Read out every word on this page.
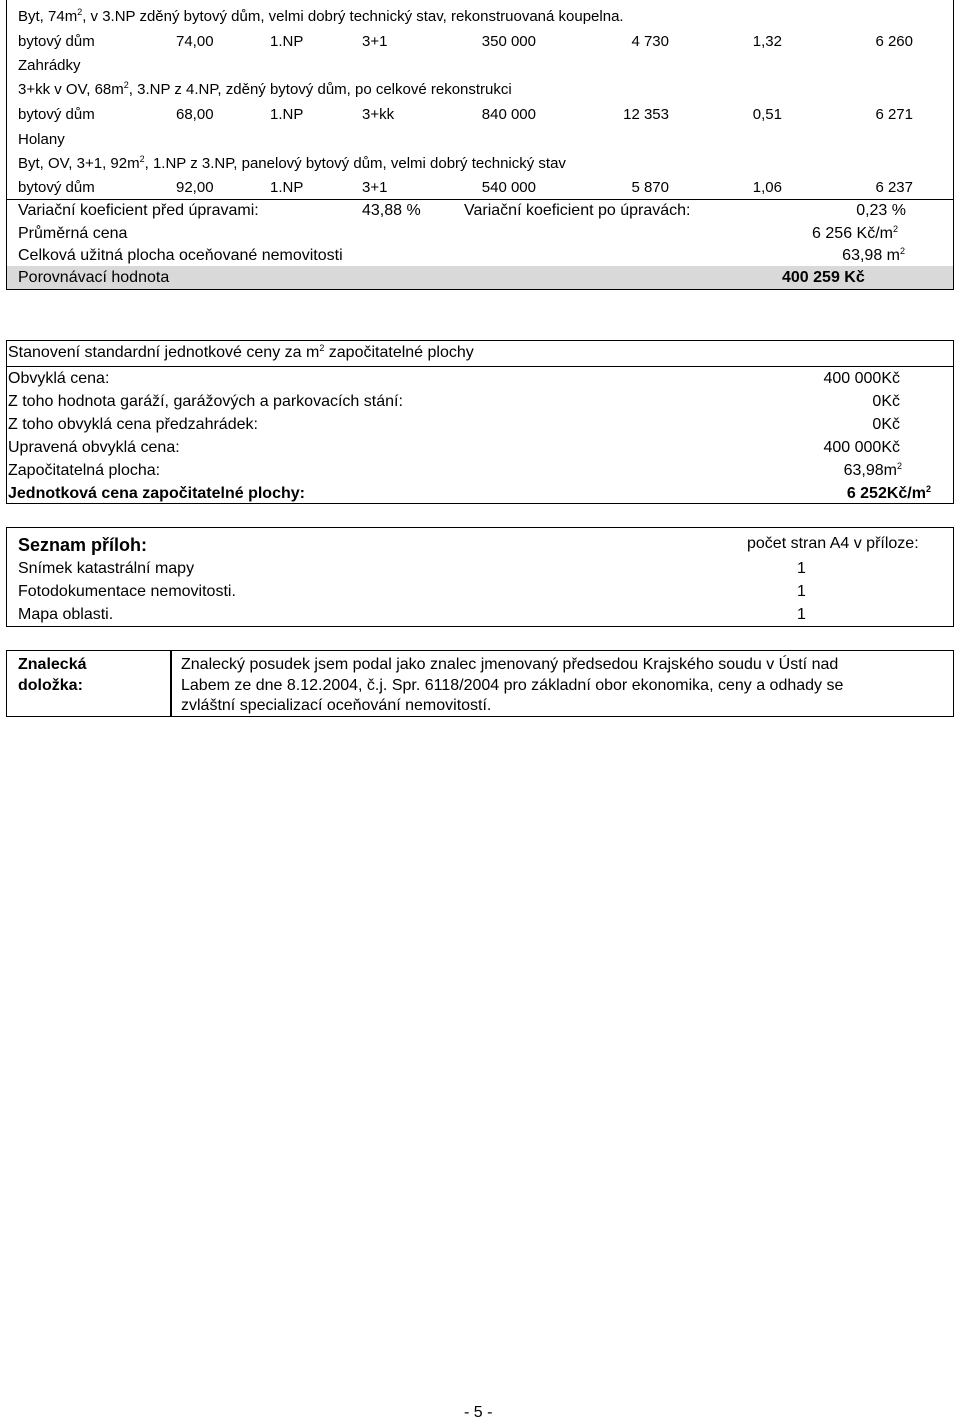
Byt, $74m^2$, v 3.NP zděný bytový dům, velmi dobrý technický stav, rekonstruovaná koupelna.
bytový dům	74,00	1.NP	3+1	350 000	4 730	1,32	6 260
Zahrádky
3+kk v OV, $68m^2$, 3.NP z 4.NP, zděný bytový dům, po celkové rekonstrukci
bytový dům	68,00	1.NP	3+kk	840 000	12 353	0,51	6 271
Holany
Byt, OV, 3+1, $92m^2$, 1.NP z 3.NP, panelový bytový dům, velmi dobrý technický stav
bytový dům	92,00	1.NP	3+1	540 000	5 870	1,06	6 237
Variační koeficient před úpravami:	43,88 %	Variační koeficient po úpravách:	0,23 %
Průměrná cena	6 256 $Kč/m^2$
Celková užitná plocha oceňované nemovitosti	63,98 $m^2$
Porovnávací hodnota	400 259 Kč
Stanovení standardní jednotkové ceny za $m^2$ započitatelné plochy
Obvyklá cena:	400 000Kč
Z toho hodnota garáží, garážových a parkovacích stání:	0Kč
Z toho obvyklá cena předzahrádek:	0Kč
Upravená obvyklá cena:	400 000Kč
Započitatelná plocha:	$63,98m^2$
Jednotková cena započitatelné plochy:	6 $252Kč/m^2$
Seznam příloh:	počet stran A4 v příloze:
Snímek katastrální mapy	1
Fotodokumentace nemovitosti.	1
Mapa oblasti.	1
Znalecká
doložka:
Znalecký posudek jsem podal jako znalec jmenovaný předsedou Krajského soudu v Ústí nad
Labem ze dne 8.12.2004, č.j. Spr. 6118/2004 pro základní obor ekonomika, ceny a odhady se
zvláštní specializací oceňování nemovitostí.
- 5 -
